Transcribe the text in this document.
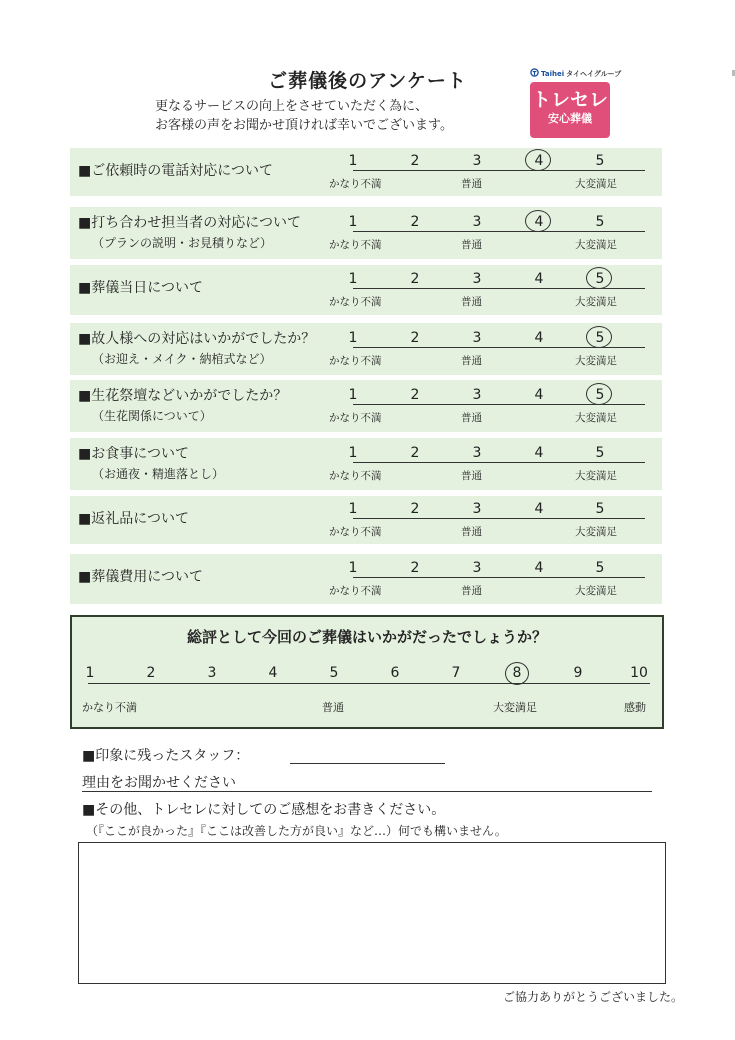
ご葬儀後のアンケート
更なるサービスの向上をさせていただく為に、
お客様の声をお聞かせ頂ければ幸いでございます。
Taihei タイヘイグループ
トレセレ
安心葬儀
■ご依頼時の電話対応について
1	2	3	4	5
かなり不満	普通	大変満足
■打ち合わせ担当者の対応について
（プランの説明・お見積りなど）
1	2	3	4	5
かなり不満	普通	大変満足
■葬儀当日について
1	2	3	4	5
かなり不満	普通	大変満足
■故人様への対応はいかがでしたか？
（お迎え・メイク・納棺式など）
1	2	3	4	5
かなり不満	普通	大変満足
■生花祭壇などいかがでしたか？
（生花関係について）
1	2	3	4	5
かなり不満	普通	大変満足
■お食事について
（お通夜・精進落とし）
1	2	3	4	5
かなり不満	普通	大変満足
■返礼品について
1	2	3	4	5
かなり不満	普通	大変満足
■葬儀費用について
1	2	3	4	5
かなり不満	普通	大変満足
総評として今回のご葬儀はいかがだったでしょうか？
1	2	3	4	5	6	7	8	9	10
かなり不満	普通	大変満足	感動
■印象に残ったスタッフ：
理由をお聞かせください
■その他、トレセレに対してのご感想をお書きください。
（『ここが良かった』『ここは改善した方が良い』など…）何でも構いません。
ご協力ありがとうございました。
